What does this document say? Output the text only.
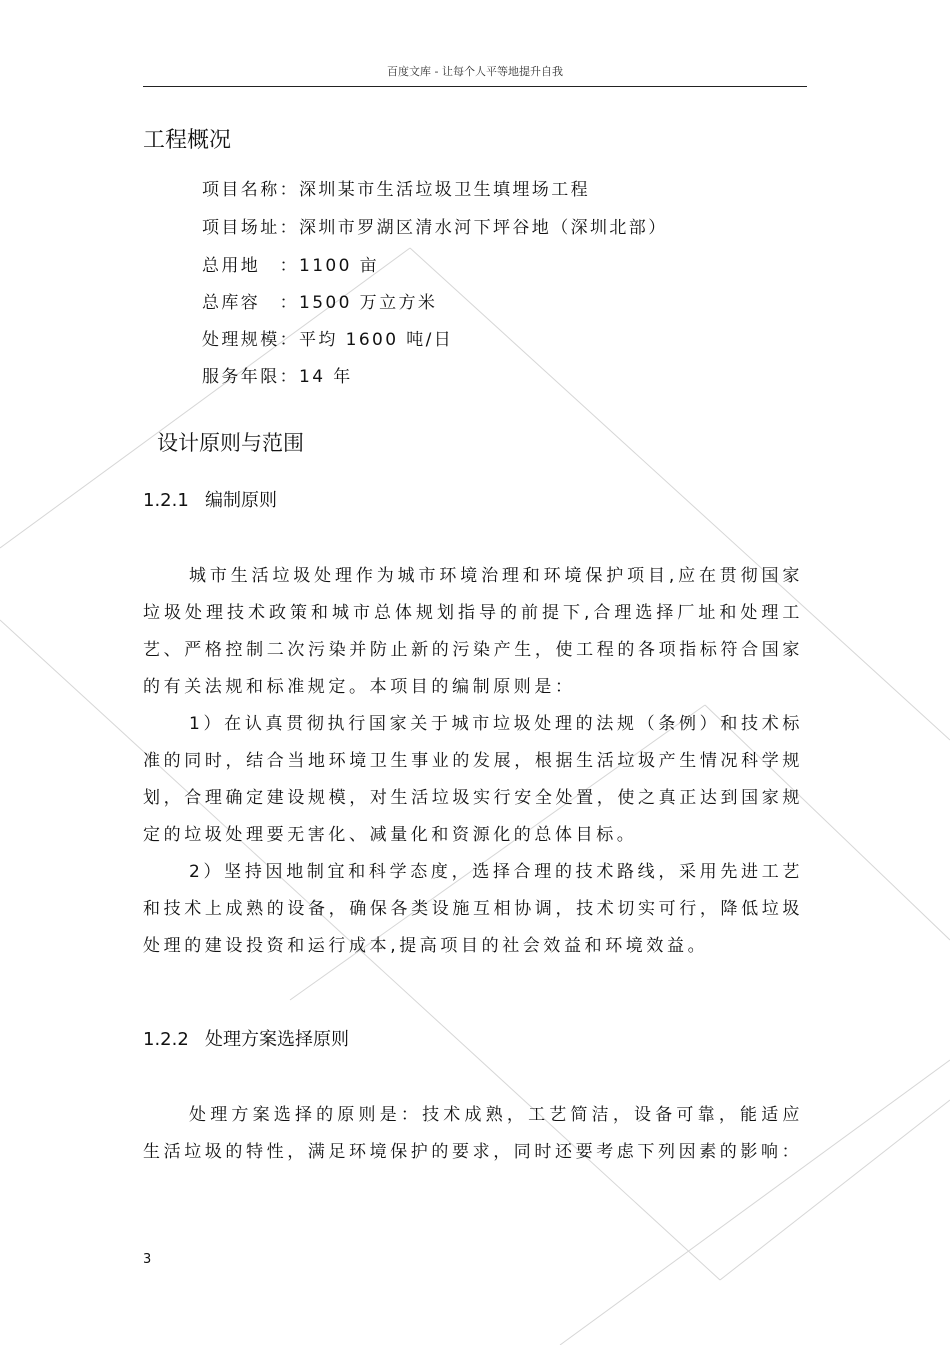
百度文库 - 让每个人平等地提升自我
工程概况
项目名称：深圳某市生活垃圾卫生填埋场工程
项目场址：深圳市罗湖区清水河下坪谷地（深圳北部）
总用地　：1100 亩
总库容　：1500 万立方米
处理规模：平均 1600 吨/日
服务年限：14 年
设计原则与范围
1.2.1 编制原则

城市生活垃圾处理作为城市环境治理和环境保护项目,应在贯彻国家垃圾处理技术政策和城市总体规划指导的前提下,合理选择厂址和处理工艺、严格控制二次污染并防止新的污染产生，使工程的各项指标符合国家的有关法规和标准规定。本项目的编制原则是：

1）在认真贯彻执行国家关于城市垃圾处理的法规（条例）和技术标准的同时，结合当地环境卫生事业的发展，根据生活垃圾产生情况科学规划，合理确定建设规模，对生活垃圾实行安全处置，使之真正达到国家规定的垃圾处理要无害化、减量化和资源化的总体目标。

2）坚持因地制宜和科学态度，选择合理的技术路线，采用先进工艺和技术上成熟的设备，确保各类设施互相协调，技术切实可行，降低垃圾处理的建设投资和运行成本,提高项目的社会效益和环境效益。

1.2.2 处理方案选择原则

处理方案选择的原则是：技术成熟，工艺简洁，设备可靠，能适应生活垃圾的特性，满足环境保护的要求，同时还要考虑下列因素的影响：

3
